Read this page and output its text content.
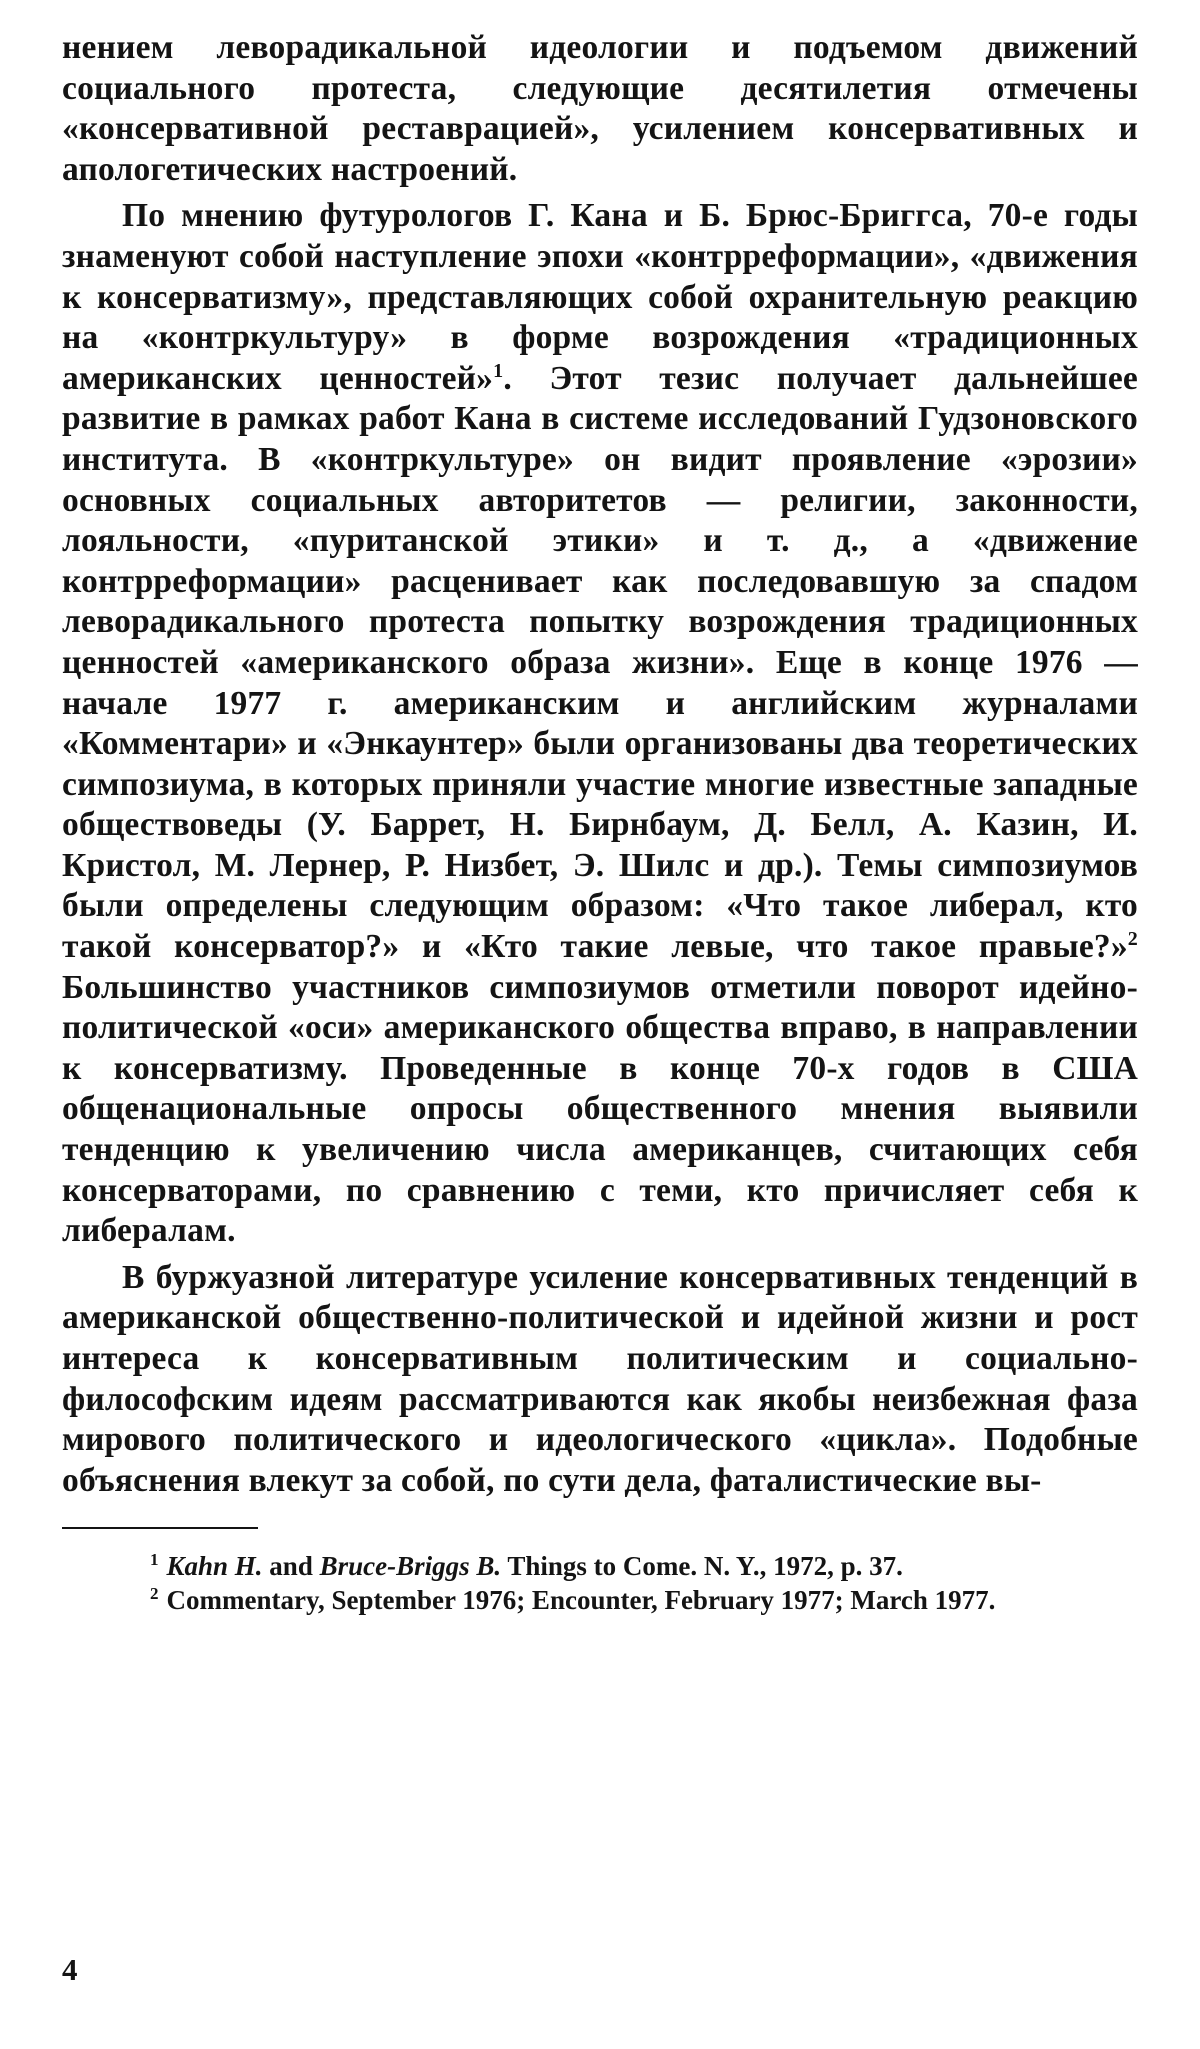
нением леворадикальной идеологии и подъемом движений социального протеста, следующие десятилетия отмечены «консервативной реставрацией», усилением консервативных и апологетических настроений.

По мнению футурологов Г. Кана и Б. Брюс-Бриггса, 70-е годы знаменуют собой наступление эпохи «контрреформации», «движения к консерватизму», представляющих собой охранительную реакцию на «контркультуру» в форме возрождения «традиционных американских ценностей»$^1$. Этот тезис получает дальнейшее развитие в рамках работ Кана в системе исследований Гудзоновского института. В «контркультуре» он видит проявление «эрозии» основных социальных авторитетов — религии, законности, лояльности, «пуританской этики» и т. д., а «движение контрреформации» расценивает как последовавшую за спадом леворадикального протеста попытку возрождения традиционных ценностей «американского образа жизни». Еще в конце 1976 — начале 1977 г. американским и английским журналами «Комментари» и «Энкаунтер» были организованы два теоретических симпозиума, в которых приняли участие многие известные западные обществоведы (У. Баррет, Н. Бирнбаум, Д. Белл, А. Казин, И. Кристол, М. Лернер, Р. Низбет, Э. Шилс и др.). Темы симпозиумов были определены следующим образом: «Что такое либерал, кто такой консерватор?» и «Кто такие левые, что такое правые?»$^2$ Большинство участников симпозиумов отметили поворот идейно-политической «оси» американского общества вправо, в направлении к консерватизму. Проведенные в конце 70-х годов в США общенациональные опросы общественного мнения выявили тенденцию к увеличению числа американцев, считающих себя консерваторами, по сравнению с теми, кто причисляет себя к либералам.

В буржуазной литературе усиление консервативных тенденций в американской общественно-политической и идейной жизни и рост интереса к консервативным политическим и социально-философским идеям рассматриваются как якобы неизбежная фаза мирового политического и идеологического «цикла». Подобные объяснения влекут за собой, по сути дела, фаталистические вы-

$^1$ Kahn H. and Bruce-Briggs B. Things to Come. N. Y., 1972, p. 37.

$^2$ Commentary, September 1976; Encounter, February 1977; March 1977.

4
